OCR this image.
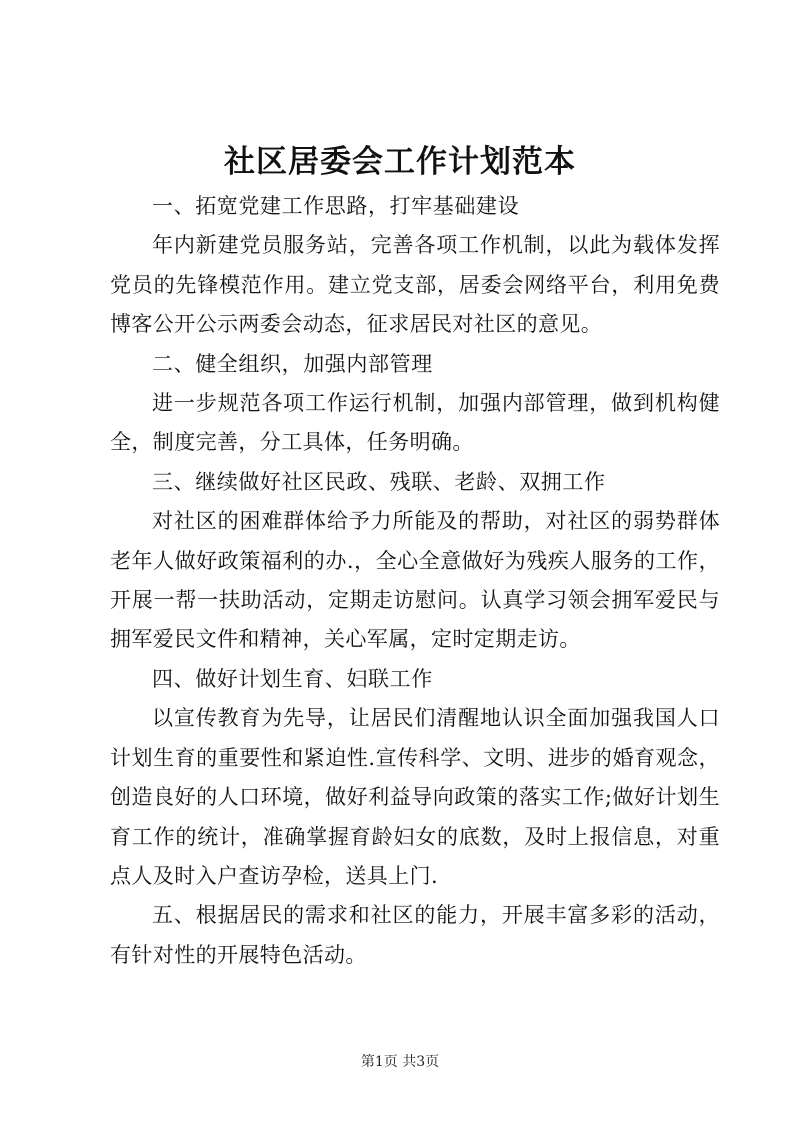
社区居委会工作计划范本

一、拓宽党建工作思路，打牢基础建设

年内新建党员服务站，完善各项工作机制，以此为载体发挥党员的先锋模范作用。建立党支部，居委会网络平台，利用免费博客公开公示两委会动态，征求居民对社区的意见。

二、健全组织，加强内部管理

进一步规范各项工作运行机制，加强内部管理，做到机构健全，制度完善，分工具体，任务明确。

三、继续做好社区民政、残联、老龄、双拥工作

对社区的困难群体给予力所能及的帮助，对社区的弱势群体老年人做好政策福利的办.，全心全意做好为残疾人服务的工作，开展一帮一扶助活动，定期走访慰问。认真学习领会拥军爱民与拥军爱民文件和精神，关心军属，定时定期走访。

四、做好计划生育、妇联工作

以宣传教育为先导，让居民们清醒地认识全面加强我国人口计划生育的重要性和紧迫性.宣传科学、文明、进步的婚育观念，创造良好的人口环境，做好利益导向政策的落实工作;做好计划生育工作的统计，准确掌握育龄妇女的底数，及时上报信息，对重点人及时入户查访孕检，送具上门.

五、根据居民的需求和社区的能力，开展丰富多彩的活动，有针对性的开展特色活动。

第1页 共3页
